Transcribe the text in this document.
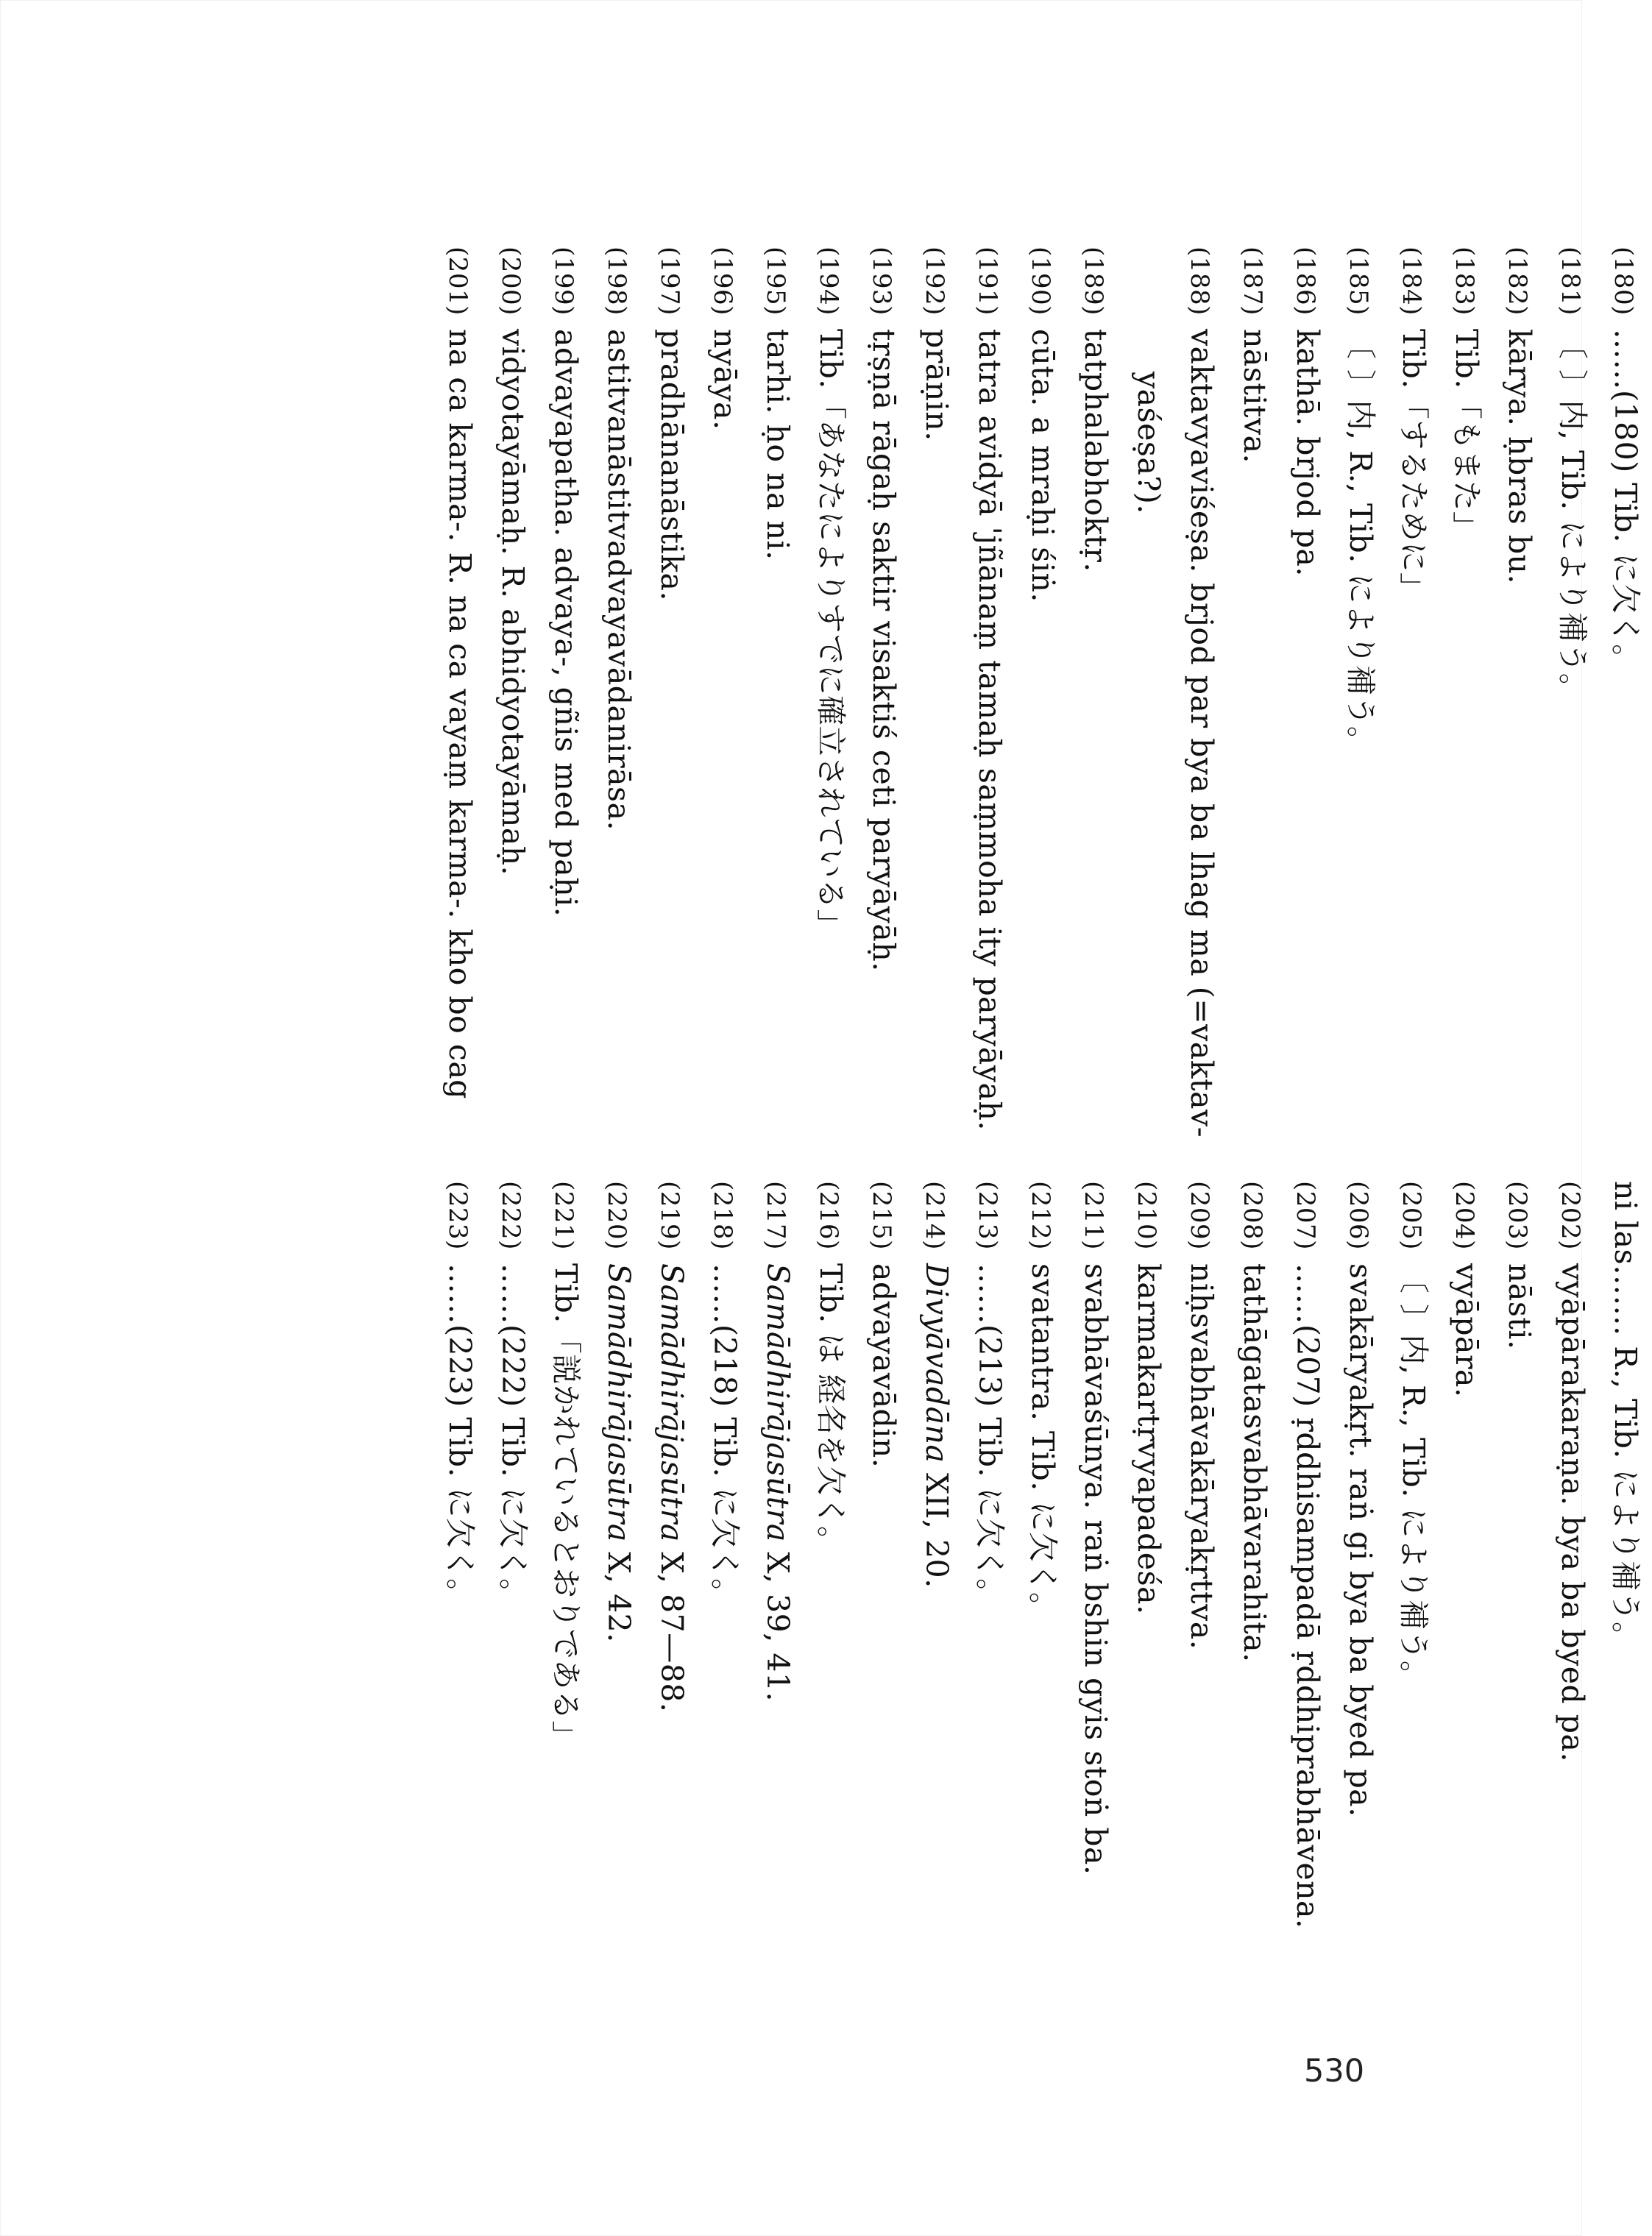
(180)……(180) Tib. に欠く。
(181)〔 〕内, Tib. により補う。
(182)kārya. ḥbras bu.
(183)Tib.「もまた」
(184)Tib.「するために」
(185)〔 〕内, R., Tib. により補う。
(186)kathā. brjod pa.
(187)nāstitva.
(188)vaktavyaviśeṣa. brjod par bya ba lhag ma (=vaktav-
yaśeṣa?).
(189)tatphalabhoktṛ.
(190)cūta. a mraḥi śiṅ.
(191)tatra avidyā 'jñānaṃ tamaḥ saṃmoha ity paryāyaḥ.
(192)prāṇin.
(193)tṛṣṇā rāgaḥ saktir visaktiś ceti paryāyāḥ.
(194)Tib.「あなたによりすでに確立されている」
(195)tarhi. ḥo na ni.
(196)nyāya.
(197)pradhānanāstika.
(198)astitvanāstitvadvayavādanirāsa.
(199)advayapatha. advaya-, gñis med paḥi.
(200)vidyotayāmaḥ. R. abhidyotayāmaḥ.
(201)na ca karma-. R. na ca vayaṃ karma-. kho bo cag
ni las……. R., Tib. により補う。
(202)vyāpārakaraṇa. bya ba byed pa.
(203)nāsti.
(204)vyāpāra.
(205)〔 〕内, R., Tib. により補う。
(206)svakāryakṛt. raṅ gi bya ba byed pa.
(207)……(207) ṛddhisampadā ṛddhiprabhāvena.
(208)tathāgatasvabhāvarahita.
(209)niḥsvabhāvakāryakṛttva.
(210)karmakartṛvyapadeśa.
(211)svabhāvaśūnya. raṅ bshin gyis stoṅ ba.
(212)svatantra. Tib. に欠く。
(213)……(213) Tib. に欠く。
(214)Divyāvadāna XII, 20.
(215)advayavādin.
(216)Tib. は 経名を欠く。
(217)Samādhirājasūtra X, 39, 41.
(218)……(218) Tib. に欠く。
(219)Samādhirājasūtra X, 87—88.
(220)Samādhirājasūtra X, 42.
(221)Tib.「説かれているとおりである」
(222)……(222) Tib. に欠く。
(223)……(223) Tib. に欠く。
530
